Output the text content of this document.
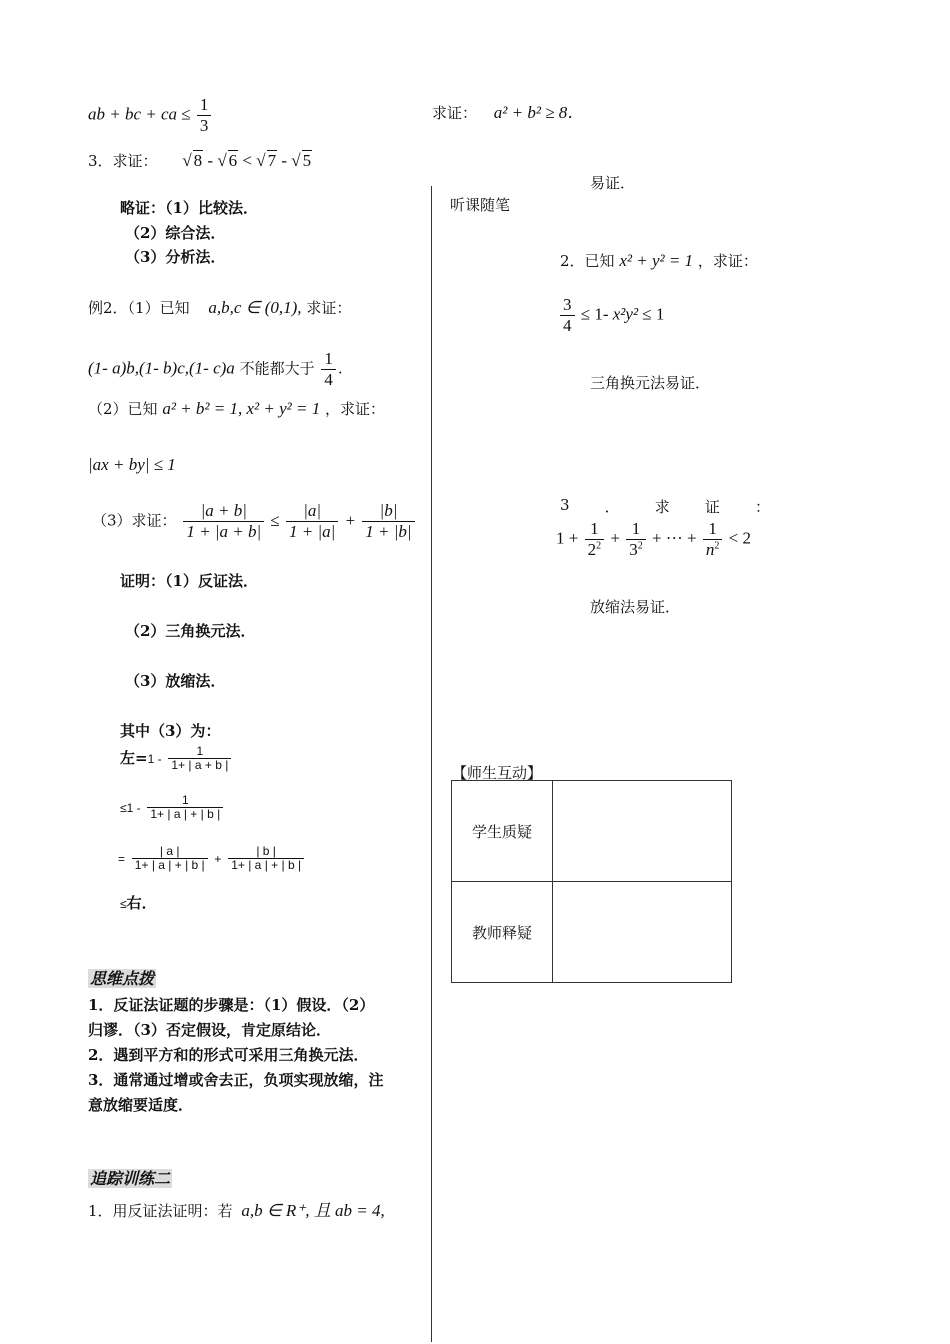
ab + bc + ca ≤ $\frac{1}{3}$
3．求证： √ 8 - √ 6 < √ 7 - √ 5
略证：（1）比较法．
（2）综合法．
（3）分析法．
例2．（1）已知 a,b,c ∈ (0,1), 求证：
(1- a)b,(1- b)c,(1- c)a 不能都大于 $\frac{1}{4}$ .
（2）已知 a² + b² = 1, x² + y² = 1 ，求证：
|ax + by| ≤ 1
（3）求证： $\frac{|a + b|}{1 + |a + b|} \le \frac{|a|}{1 + |a|} + \frac{|b|}{1 + |b|}$
证明：（1）反证法．
（2）三角换元法．
（3）放缩法．
其中（3）为：
左$=1 - \frac{1}{1+ | a + b |}$
$\le 1 - \frac{1}{1+ | a | + | b |}$
= $\frac{| a |}{1+ | a | + | b |} + \frac{| b |}{1+ | a | + | b |}$
≤右．
思维点拨
1．反证法证题的步骤是：（1）假设．（2）
归谬．（3）否定假设，肯定原结论．
2．遇到平方和的形式可采用三角换元法．
3．通常通过增或舍去正，负项实现放缩，注
意放缩要适度．
追踪训练二
1．用反证法证明：若 a,b ∈ R⁺, 且 ab = 4,
求证： a² + b² ≥ 8．
易证．
听课随笔
2．已知 x² + y² = 1 ，求证：
$\frac{3}{4} \le 1-$ x²y² ≤ 1
三角换元法易证．
3 ． 求 证 ：
$1 + \frac{1}{2^2} + \frac{1}{3^2}$ + ··· + $\frac{1}{n^2} < 2$
放缩法易证．
【师生互动】
学生质疑	
教师释疑	
